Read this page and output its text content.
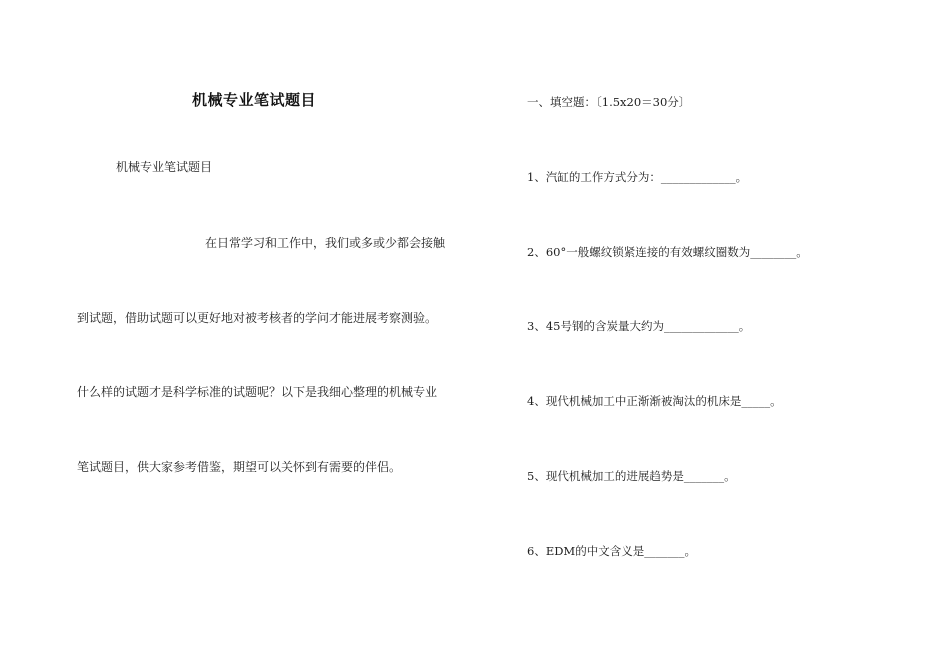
机械专业笔试题目
机械专业笔试题目
在日常学习和工作中，我们或多或少都会接触
到试题，借助试题可以更好地对被考核者的学问才能进展考察测验。
什么样的试题才是科学标准的试题呢？以下是我细心整理的机械专业
笔试题目，供大家参考借鉴，期望可以关怀到有需要的伴侣。
一、填空题：〔1.5x20＝30分〕
1、汽缸的工作方式分为：_____________。
2、60°一般螺纹锁紧连接的有效螺纹圈数为________。
3、45号钢的含炭量大约为_____________。
4、现代机械加工中正渐渐被淘汰的机床是_____。
5、现代机械加工的进展趋势是_______。
6、EDM的中文含义是_______。
